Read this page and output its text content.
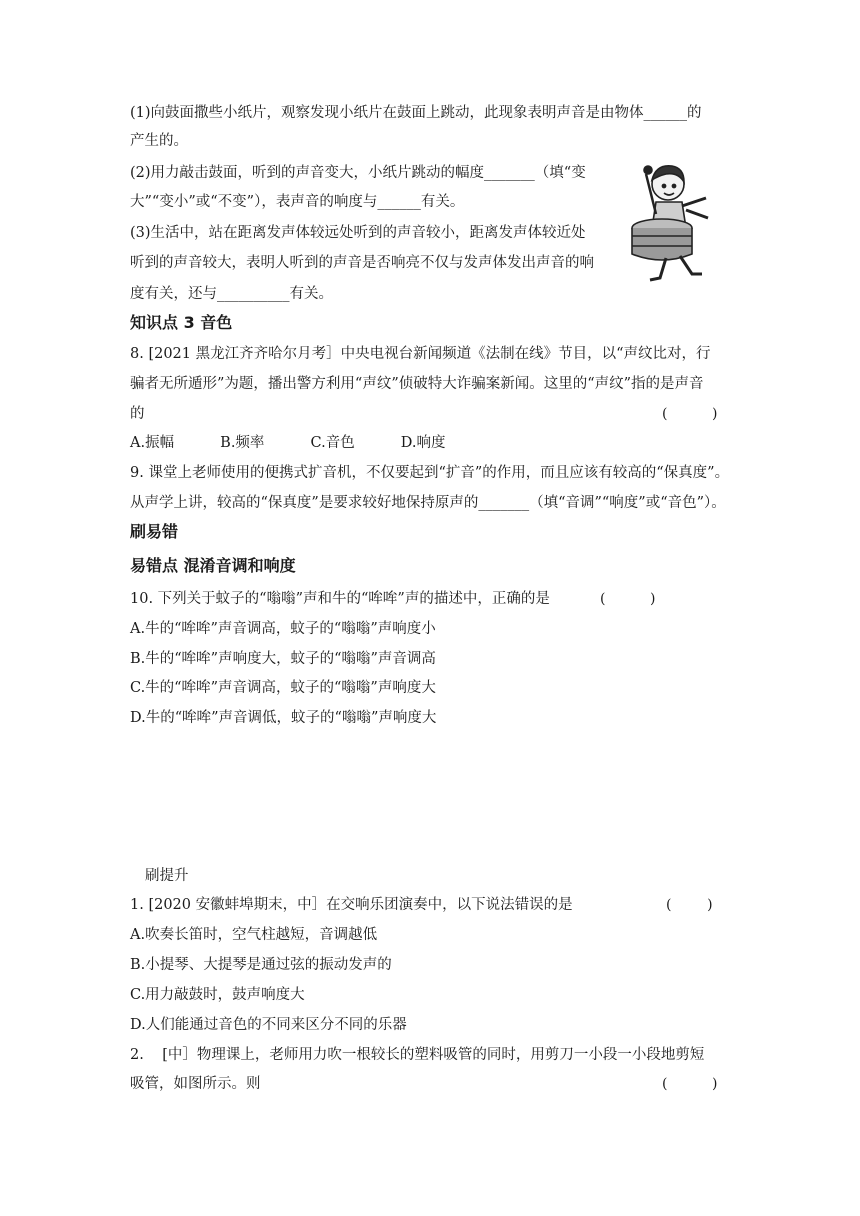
(1)向鼓面撒些小纸片，观察发现小纸片在鼓面上跳动，此现象表明声音是由物体______的
产生的。
(2)用力敲击鼓面，听到的声音变大，小纸片跳动的幅度_______（填“变
大”“变小”或“不变”），表声音的响度与______有关。
(3)生活中，站在距离发声体较远处听到的声音较小，距离发声体较近处
听到的声音较大，表明人听到的声音是否响亮不仅与发声体发出声音的响
度有关，还与__________有关。
知识点 3 音色
8. [2021 黑龙江齐齐哈尔月考］中央电视台新闻频道《法制在线》节目，以“声纹比对，行
骗者无所遁形”为题，播出警方利用“声纹”侦破特大诈骗案新闻。这里的“声纹”指的是声音
的	(          )
A.振幅          B.频率          C.音色          D.响度
9. 课堂上老师使用的便携式扩音机，不仅要起到“扩音”的作用，而且应该有较高的“保真度”。
从声学上讲，较高的“保真度”是要求较好地保持原声的_______（填“音调”“响度”或“音色”）。
刷易错
易错点 混淆音调和响度
10. 下列关于蚊子的“嗡嗡”声和牛的“哞哞”声的描述中，正确的是	(          )
A.牛的“哞哞”声音调高，蚊子的“嗡嗡”声响度小
B.牛的“哞哞”声响度大，蚊子的“嗡嗡”声音调高
C.牛的“哞哞”声音调高，蚊子的“嗡嗡”声响度大
D.牛的“哞哞”声音调低，蚊子的“嗡嗡”声响度大
刷提升
1. [2020 安徽蚌埠期末，中］在交响乐团演奏中，以下说法错误的是	(        )
A.吹奏长笛时，空气柱越短，音调越低
B.小提琴、大提琴是通过弦的振动发声的
C.用力敲鼓时，鼓声响度大
D.人们能通过音色的不同来区分不同的乐器
2.    [中］物理课上，老师用力吹一根较长的塑料吸管的同时，用剪刀一小段一小段地剪短
吸管，如图所示。则	(          )
